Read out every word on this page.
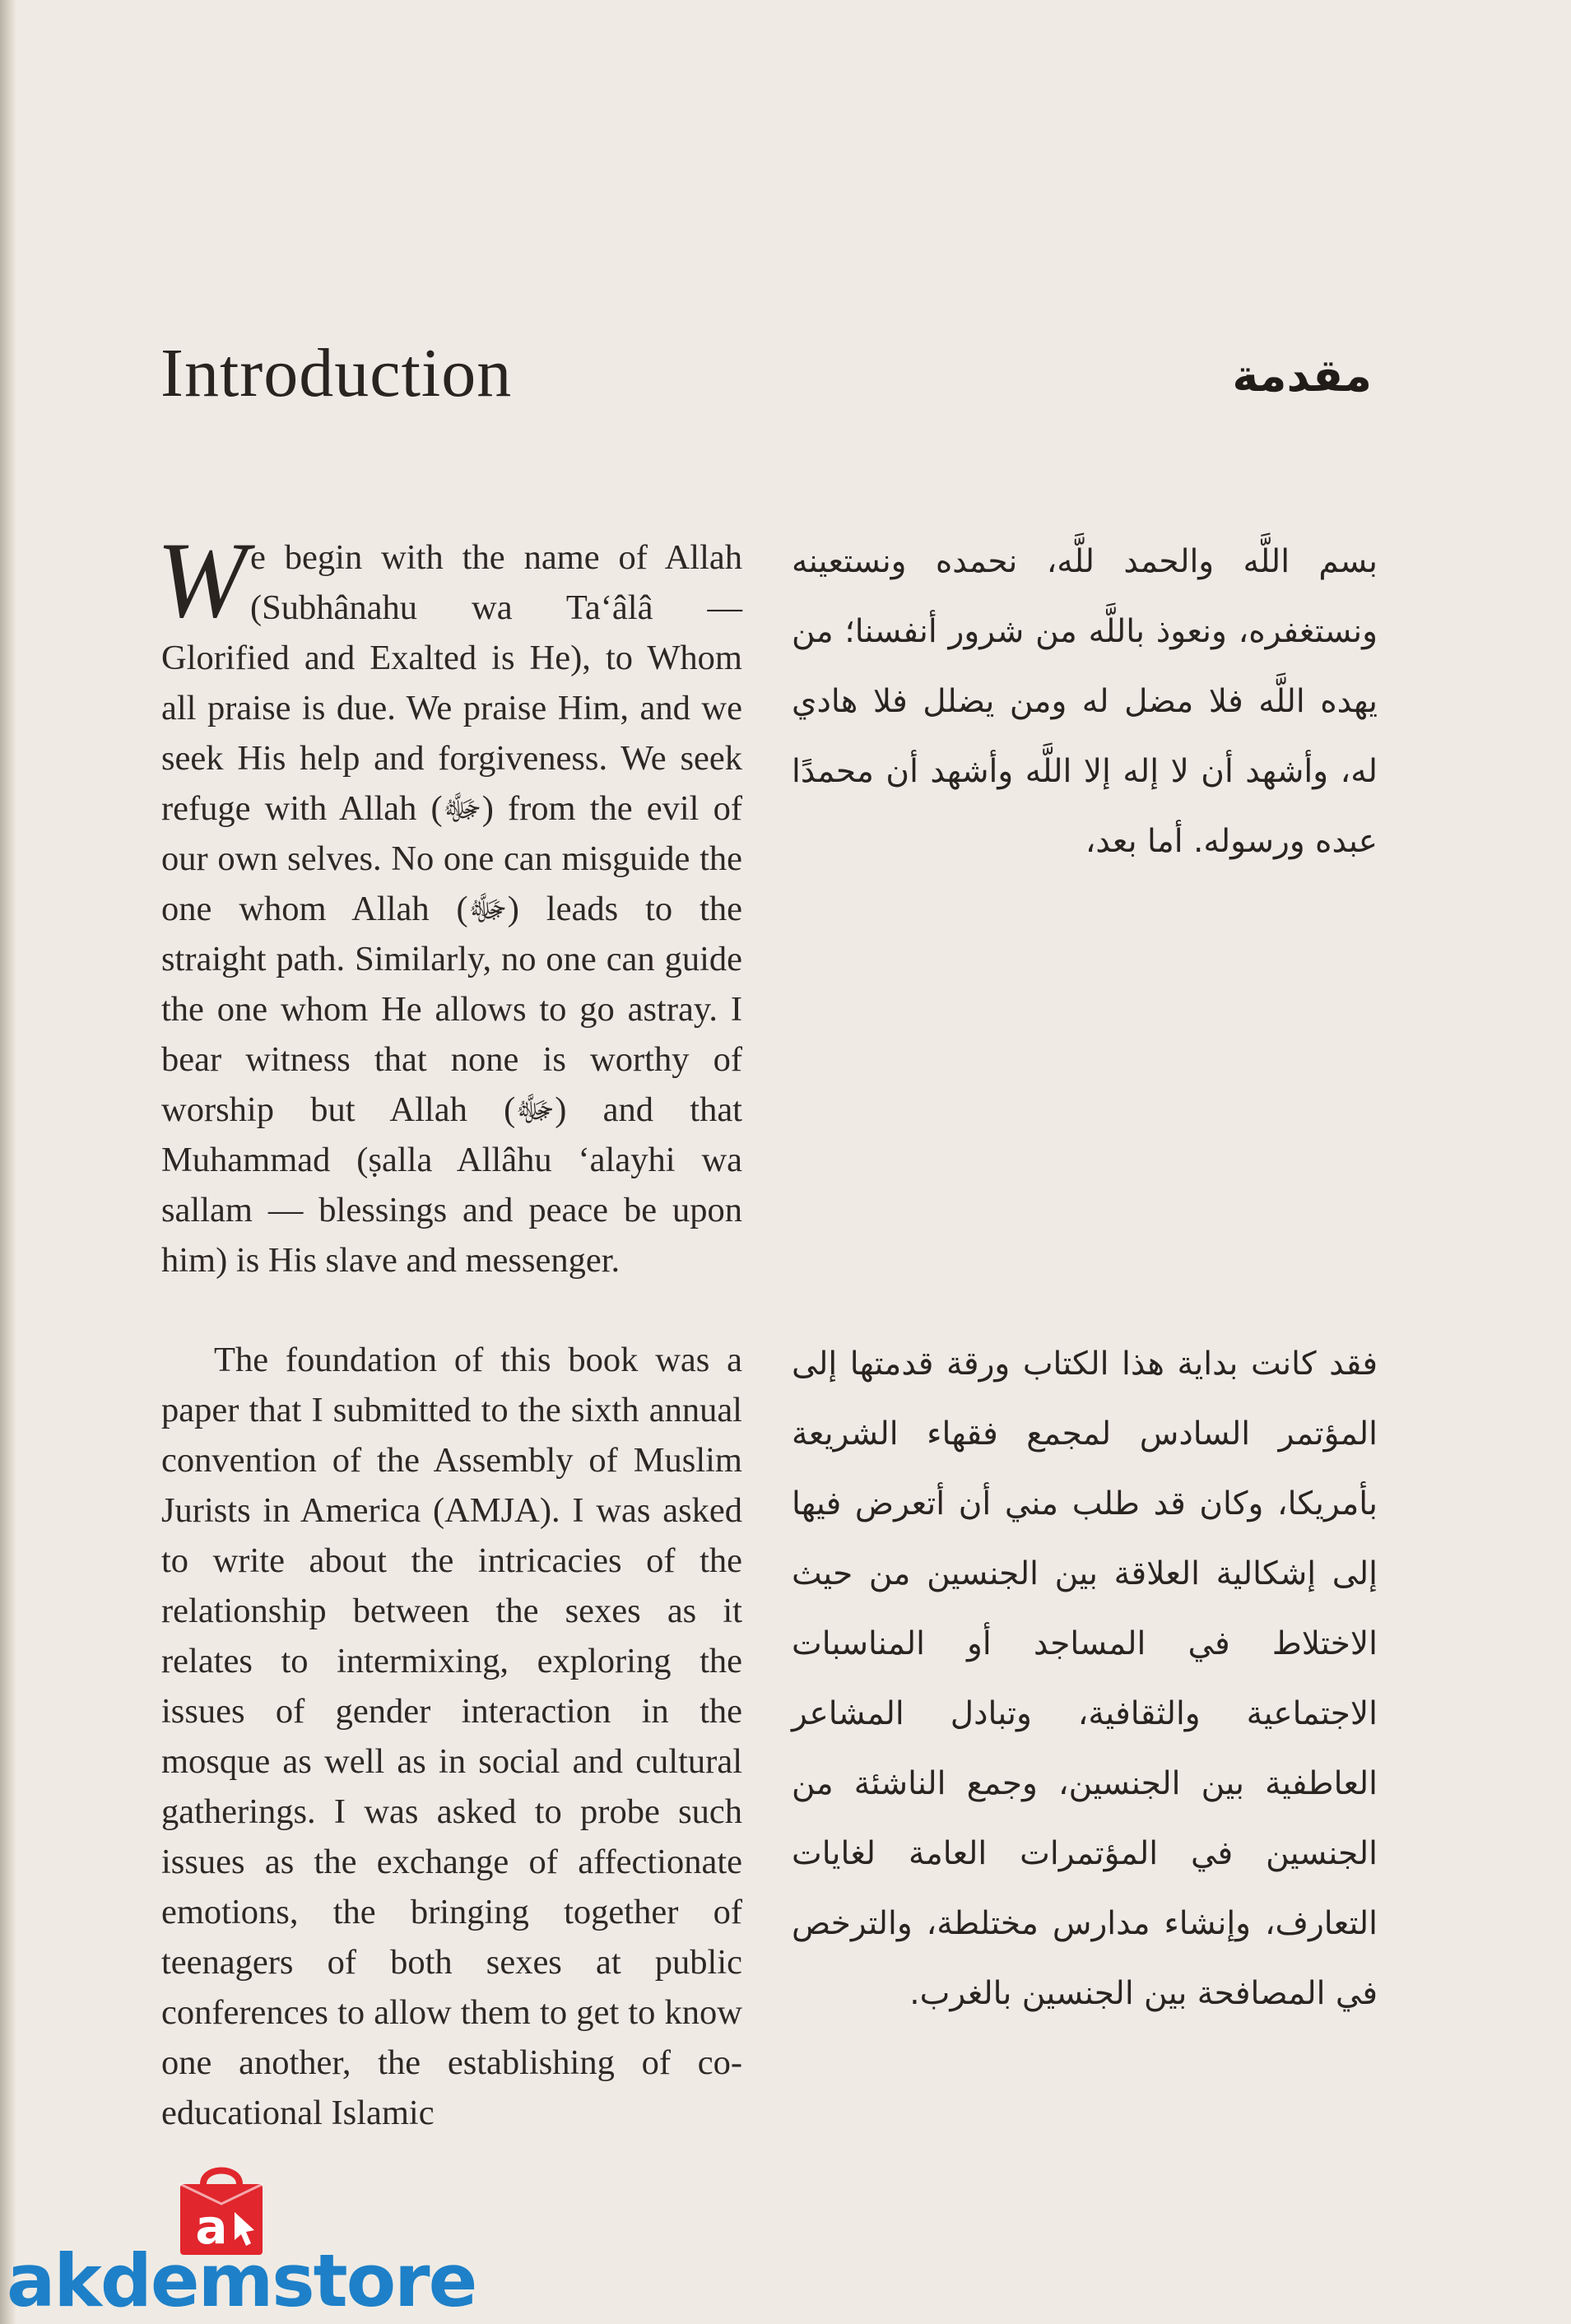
Introduction	مقدمة

We begin with the name of Allah (Subhânahu wa Ta‘âlâ — Glorified and Exalted is He), to Whom all praise is due. We praise Him, and we seek His help and forgiveness. We seek refuge with Allah (ﷻ) from the evil of our own selves. No one can misguide the one whom Allah (ﷻ) leads to the straight path. Similarly, no one can guide the one whom He allows to go astray. I bear witness that none is worthy of worship but Allah (ﷻ) and that Muhammad (ṣalla Allâhu ‘alayhi wa sallam — blessings and peace be upon him) is His slave and messenger.

The foundation of this book was a paper that I submitted to the sixth annual convention of the Assembly of Muslim Jurists in America (AMJA). I was asked to write about the intricacies of the relationship between the sexes as it relates to intermixing, exploring the issues of gender interaction in the mosque as well as in social and cultural gatherings. I was asked to probe such issues as the exchange of affectionate emotions, the bringing together of teenagers of both sexes at public conferences to allow them to get to know one another, the establishing of co-educational Islamic

بسم اللَّه والحمد للَّه، نحمده ونستعينه ونستغفره، ونعوذ باللَّه من شرور أنفسنا؛ من يهده اللَّه فلا مضل له ومن يضلل فلا هادي له، وأشهد أن لا إله إلا اللَّه وأشهد أن محمدًا عبده ورسوله. أما بعد،

فقد كانت بداية هذا الكتاب ورقة قدمتها إلى المؤتمر السادس لمجمع فقهاء الشريعة بأمريكا، وكان قد طلب مني أن أتعرض فيها إلى إشكالية العلاقة بين الجنسين من حيث الاختلاط في المساجد أو المناسبات الاجتماعية والثقافية، وتبادل المشاعر العاطفية بين الجنسين، وجمع الناشئة من الجنسين في المؤتمرات العامة لغايات التعارف، وإنشاء مدارس مختلطة، والترخص في المصافحة بين الجنسين بالغرب.

a
akdemstore
